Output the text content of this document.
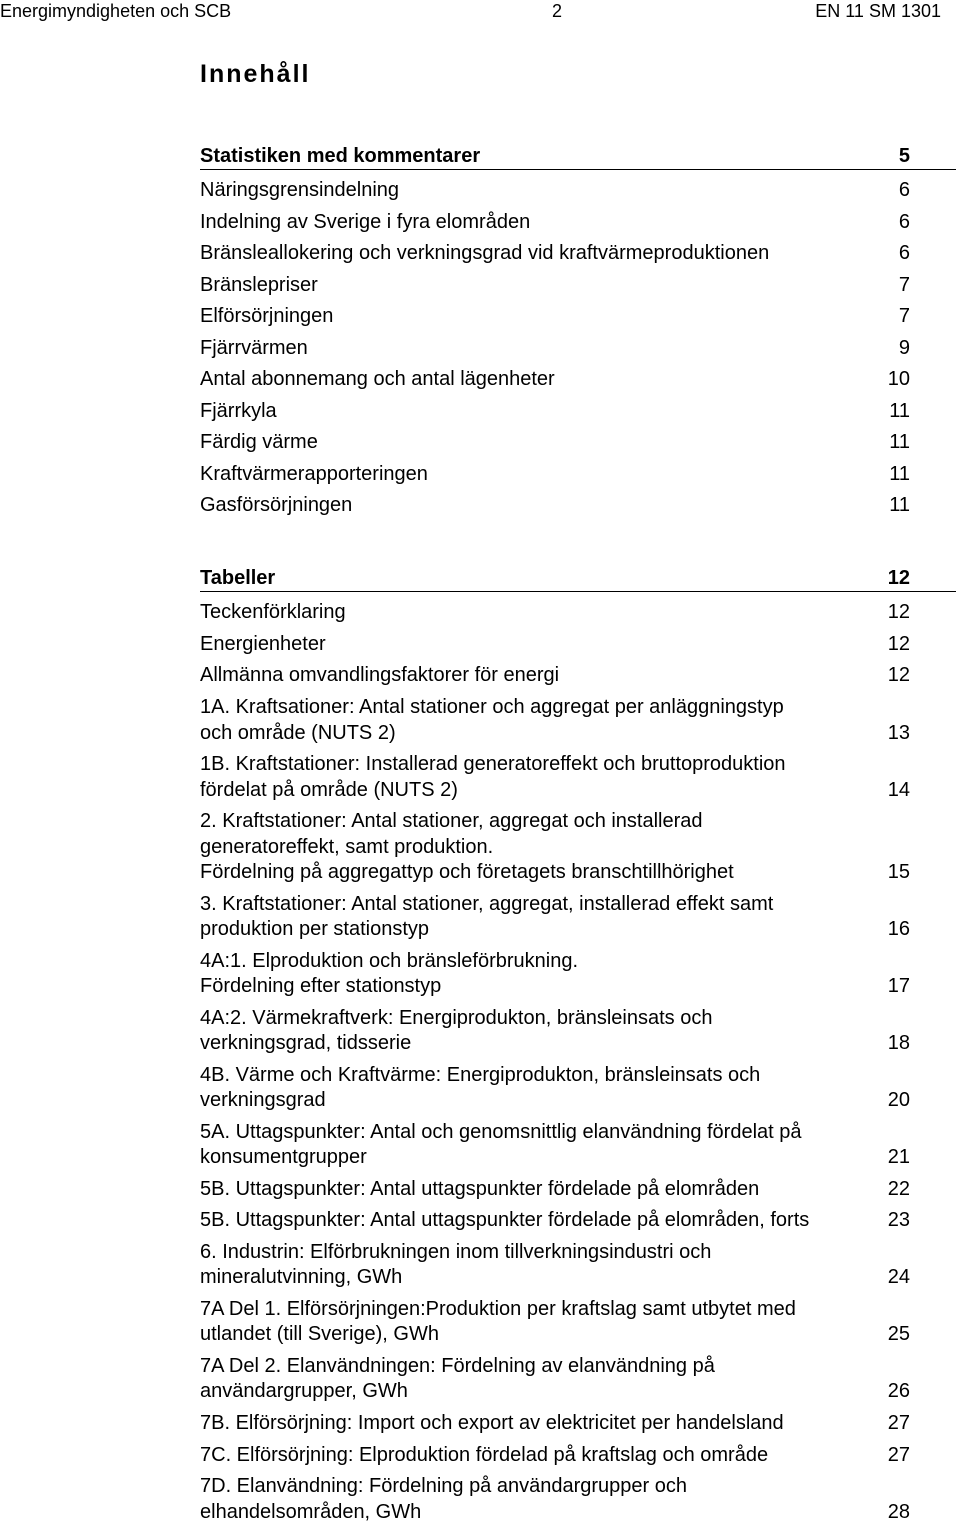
Energimyndigheten och SCB	2	EN 11 SM 1301
Innehåll
Statistiken med kommentarer	5
Näringsgrensindelning	6
Indelning av Sverige i fyra elområden	6
Bränsleallokering och verkningsgrad vid kraftvärmeproduktionen	6
Bränslepriser	7
Elförsörjningen	7
Fjärrvärmen	9
Antal abonnemang och antal lägenheter	10
Fjärrkyla	11
Färdig värme	11
Kraftvärmerapporteringen	11
Gasförsörjningen	11
Tabeller	12
Teckenförklaring	12
Energienheter	12
Allmänna omvandlingsfaktorer för energi	12
1A. Kraftsationer: Antal stationer och aggregat per anläggningstyp
och område (NUTS 2)	13
1B. Kraftstationer: Installerad generatoreffekt och bruttoproduktion
fördelat på område (NUTS 2)	14
2. Kraftstationer: Antal stationer, aggregat och installerad
generatoreffekt, samt produktion.
Fördelning på aggregattyp och företagets branschtillhörighet	15
3. Kraftstationer: Antal stationer, aggregat, installerad effekt samt
produktion per stationstyp	16
4A:1. Elproduktion och bränsleförbrukning.
Fördelning efter stationstyp	17
4A:2. Värmekraftverk: Energiprodukton, bränsleinsats och
verkningsgrad, tidsserie	18
4B. Värme och Kraftvärme: Energiprodukton, bränsleinsats och
verkningsgrad	20
5A. Uttagspunkter: Antal och genomsnittlig elanvändning fördelat på
konsumentgrupper	21
5B. Uttagspunkter: Antal uttagspunkter fördelade på elområden	22
5B. Uttagspunkter: Antal uttagspunkter fördelade på elområden, forts	23
6. Industrin: Elförbrukningen inom tillverkningsindustri och
mineralutvinning, GWh	24
7A Del 1. Elförsörjningen:Produktion per kraftslag samt utbytet med
utlandet (till Sverige), GWh	25
7A Del 2. Elanvändningen: Fördelning av elanvändning på
användargrupper, GWh	26
7B. Elförsörjning: Import och export av elektricitet per handelsland	27
7C. Elförsörjning: Elproduktion fördelad på kraftslag och område	27
7D. Elanvändning: Fördelning på användargrupper och
elhandelsområden, GWh	28
